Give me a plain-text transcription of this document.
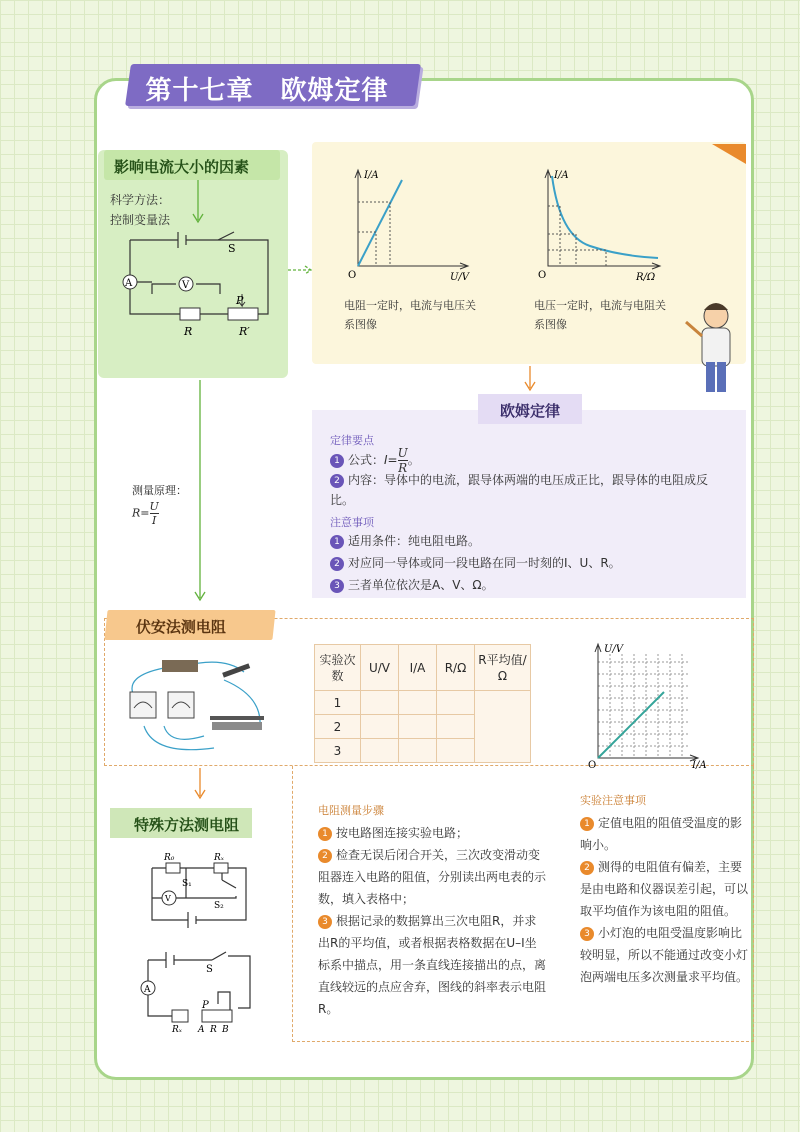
第十七章　欧姆定律
影响电流大小的因素
科学方法：
控制变量法
A	V
S
P
R	R′
I/A
U/V
O
电阻一定时，电流与电压关系图像
I/A
R/Ω
O
电压一定时，电流与电阻关系图像
欧姆定律
定律要点
1 公式：$I= \frac{U}{R}$ 。
2 内容：导体中的电流，跟导体两端的电压成正比，跟导体的电阻成反比。
注意事项
1 适用条件：纯电阻电路。
2 对应同一导体或同一段电路在同一时刻的I、U、R。
3 三者单位依次是A、V、Ω。
测量原理：
$R= \frac{U}{I}$
伏安法测电阻
实验次数	U/V	I/A	R/Ω	R平均值/Ω
1				
2				
3				
U/V
I/A
O
特殊方法测电阻
R₀	Rₓ
S₁
S₂
V
A
S
P
Rₓ A R B
电阻测量步骤
1 按电路图连接实验电路；
2 检查无误后闭合开关，三次改变滑动变阻器连入电路的阻值，分别读出两电表的示数，填入表格中；
3 根据记录的数据算出三次电阻R，并求出R的平均值，或者根据表格数据在U–I坐标系中描点，用一条直线连接描出的点，离直线较远的点应舍弃，图线的斜率表示电阻R。
实验注意事项
1 定值电阻的阻值受温度的影响小。
2 测得的电阻值有偏差，主要是由电路和仪器误差引起，可以取平均值作为该电阻的阻值。
3 小灯泡的电阻受温度影响比较明显，所以不能通过改变小灯泡两端电压多次测量求平均值。
